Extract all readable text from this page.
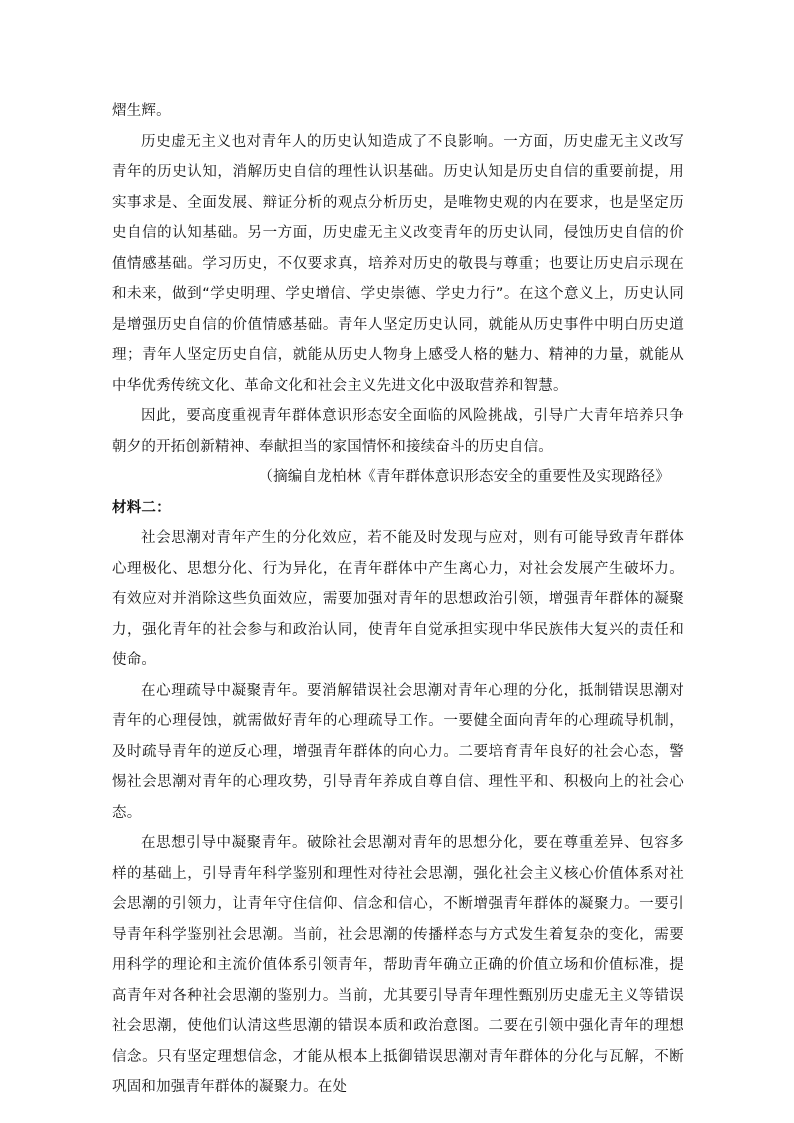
熠生辉。

历史虚无主义也对青年人的历史认知造成了不良影响。一方面，历史虚无主义改写青年的历史认知，消解历史自信的理性认识基础。历史认知是历史自信的重要前提，用实事求是、全面发展、辩证分析的观点分析历史，是唯物史观的内在要求，也是坚定历史自信的认知基础。另一方面，历史虚无主义改变青年的历史认同，侵蚀历史自信的价值情感基础。学习历史，不仅要求真，培养对历史的敬畏与尊重；也要让历史启示现在和未来，做到“学史明理、学史增信、学史崇德、学史力行”。在这个意义上，历史认同是增强历史自信的价值情感基础。青年人坚定历史认同，就能从历史事件中明白历史道理；青年人坚定历史自信，就能从历史人物身上感受人格的魅力、精神的力量，就能从中华优秀传统文化、革命文化和社会主义先进文化中汲取营养和智慧。

因此，要高度重视青年群体意识形态安全面临的风险挑战，引导广大青年培养只争朝夕的开拓创新精神、奉献担当的家国情怀和接续奋斗的历史自信。

（摘编自龙柏林《青年群体意识形态安全的重要性及实现路径》

材料二：

社会思潮对青年产生的分化效应，若不能及时发现与应对，则有可能导致青年群体心理极化、思想分化、行为异化，在青年群体中产生离心力，对社会发展产生破坏力。有效应对并消除这些负面效应，需要加强对青年的思想政治引领，增强青年群体的凝聚力，强化青年的社会参与和政治认同，使青年自觉承担实现中华民族伟大复兴的责任和使命。

在心理疏导中凝聚青年。要消解错误社会思潮对青年心理的分化，抵制错误思潮对青年的心理侵蚀，就需做好青年的心理疏导工作。一要健全面向青年的心理疏导机制，及时疏导青年的逆反心理，增强青年群体的向心力。二要培育青年良好的社会心态，警惕社会思潮对青年的心理攻势，引导青年养成自尊自信、理性平和、积极向上的社会心态。

在思想引导中凝聚青年。破除社会思潮对青年的思想分化，要在尊重差异、包容多样的基础上，引导青年科学鉴别和理性对待社会思潮，强化社会主义核心价值体系对社会思潮的引领力，让青年守住信仰、信念和信心，不断增强青年群体的凝聚力。一要引导青年科学鉴别社会思潮。当前，社会思潮的传播样态与方式发生着复杂的变化，需要用科学的理论和主流价值体系引领青年，帮助青年确立正确的价值立场和价值标准，提高青年对各种社会思潮的鉴别力。当前，尤其要引导青年理性甄别历史虚无主义等错误社会思潮，使他们认清这些思潮的错误本质和政治意图。二要在引领中强化青年的理想信念。只有坚定理想信念，才能从根本上抵御错误思潮对青年群体的分化与瓦解，不断巩固和加强青年群体的凝聚力。在处
